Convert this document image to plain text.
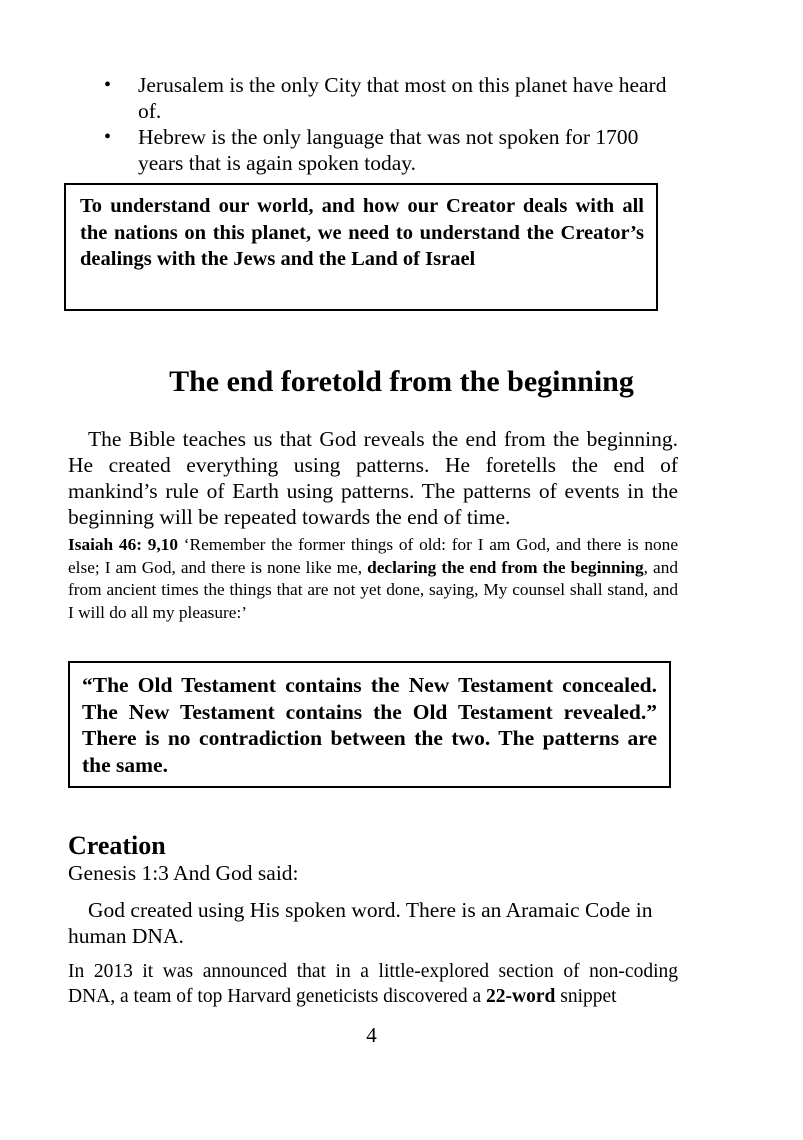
• Jerusalem is the only City that most on this planet have heard of.
• Hebrew is the only language that was not spoken for 1700 years that is again spoken today.

To understand our world, and how our Creator deals with all the nations on this planet, we need to understand the Creator’s dealings with the Jews and the Land of Israel

The end foretold from the beginning

The Bible teaches us that God reveals the end from the beginning. He created everything using patterns. He foretells the end of mankind’s rule of Earth using patterns. The patterns of events in the beginning will be repeated towards the end of time.

Isaiah 46: 9,10 ‘Remember the former things of old: for I am God, and there is none else; I am God, and there is none like me, declaring the end from the beginning, and from ancient times the things that are not yet done, saying, My counsel shall stand, and I will do all my pleasure:’

“The Old Testament contains the New Testament concealed. The New Testament contains the Old Testament revealed.” There is no contradiction between the two. The patterns are the same.

Creation

Genesis 1:3 And God said:

God created using His spoken word. There is an Aramaic Code in human DNA.

In 2013 it was announced that in a little-explored section of non-coding DNA, a team of top Harvard geneticists discovered a 22-word snippet

4
